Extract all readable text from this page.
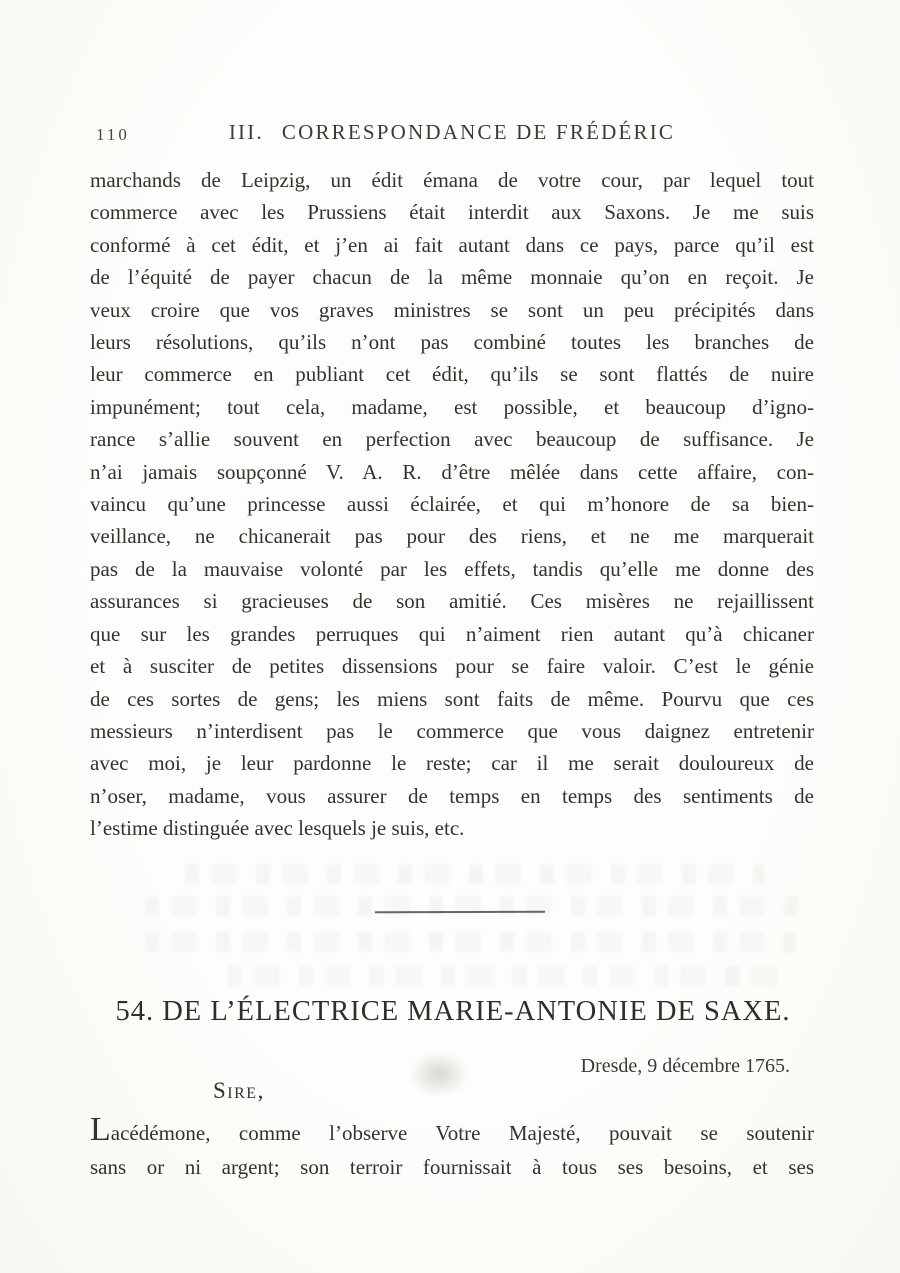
110	III. CORRESPONDANCE DE FRÉDÉRIC
marchands de Leipzig, un édit émana de votre cour, par lequel tout
commerce avec les Prussiens était interdit aux Saxons. Je me suis
conformé à cet édit, et j’en ai fait autant dans ce pays, parce qu’il est
de l’équité de payer chacun de la même monnaie qu’on en reçoit. Je
veux croire que vos graves ministres se sont un peu précipités dans
leurs résolutions, qu’ils n’ont pas combiné toutes les branches de
leur commerce en publiant cet édit, qu’ils se sont flattés de nuire
impunément; tout cela, madame, est possible, et beaucoup d’igno-
rance s’allie souvent en perfection avec beaucoup de suffisance. Je
n’ai jamais soupçonné V. A. R. d’être mêlée dans cette affaire, con-
vaincu qu’une princesse aussi éclairée, et qui m’honore de sa bien-
veillance, ne chicanerait pas pour des riens, et ne me marquerait
pas de la mauvaise volonté par les effets, tandis qu’elle me donne des
assurances si gracieuses de son amitié. Ces misères ne rejaillissent
que sur les grandes perruques qui n’aiment rien autant qu’à chicaner
et à susciter de petites dissensions pour se faire valoir. C’est le génie
de ces sortes de gens; les miens sont faits de même. Pourvu que ces
messieurs n’interdisent pas le commerce que vous daignez entretenir
avec moi, je leur pardonne le reste; car il me serait douloureux de
n’oser, madame, vous assurer de temps en temps des sentiments de
l’estime distinguée avec lesquels je suis, etc.
54. DE L’ÉLECTRICE MARIE-ANTONIE DE SAXE.
Dresde, 9 décembre 1765.
Sire,
Lacédémone, comme l’observe Votre Majesté, pouvait se soutenir
sans or ni argent; son terroir fournissait à tous ses besoins, et ses
